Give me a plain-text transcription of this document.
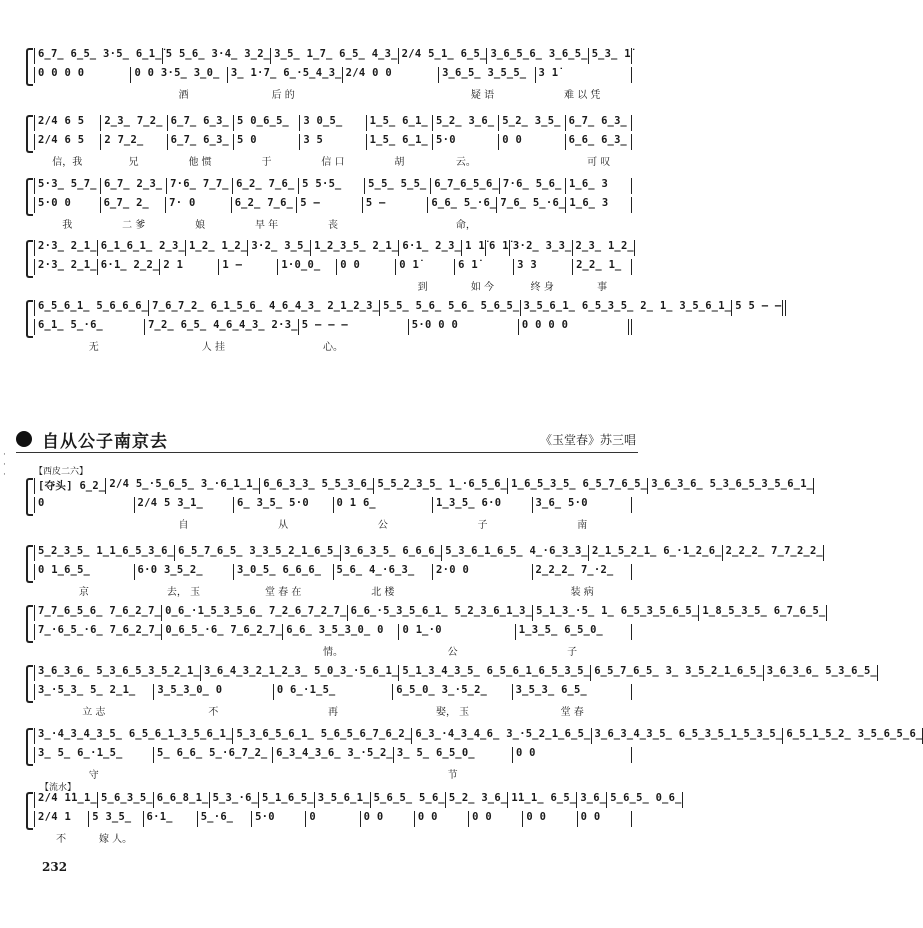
自从公子南京去	《玉堂春》苏三唱
·
·
·	【西皮二六】
【流水】
232
6̲7̲ 6̲5̲ 3·5̲ 6̲1̲̇ 5 5̲6̲ 3·4̲ 3̲2̲ 3̲5̲ 1̲7̲ 6̲5̲ 4̲3̲ 2/4 5̲1̲ 6̲5̲ 3̲6̲5̲6̲ 3̲6̲5̲ 5̲3̲ 1̇
0 0 0 0	0 0 3·5̲ 3̲0̲	3̲ 1·7̲ 6̲·5̲4̲3̲ 2/4 0 0	3̲6̲5̲ 3̲5̲5̲	3 1̇
酒	后 的	疑 语	难 以 凭
2/4 6 5	2̲3̲ 7̲2̲ 6̲7̲ 6̲3̲ 5 0̲6̲5̲	3 0̲5̲	1̲5̲ 6̲1̲ 5̲2̲ 3̲6̲ 5̲2̲ 3̲5̲ 6̲7̲ 6̲3̲
2/4 6 5	2 7̲2̲	6̲7̲ 6̲3̲ 5 0	3 5	1̲5̲ 6̲1̲ 5·0	0 0	6̲6̲ 6̲3̲
信，我	兄	他 惯	于	信 口	胡	云。	可 叹
5·3̲ 5̲7̲ 6̲7̲ 2̲3̲ 7·6̲ 7̲7̲ 6̲2̲ 7̲6̲ 5 5·5̲	5̲5̲ 5̲5̲ 6̲7̲6̲5̲6̲ 7·6̲ 5̲6̲ 1̲6̲ 3
5·0 0	6̲7̲ 2̲	7· 0	6̲2̲ 7̲6̲ 5 —	5 —	6̲6̲ 5̲·6̲ 7̲6̲ 5̲·6̲ 1̲6̲ 3
我	二 爹	娘	早 年	丧	命，
2·3̲ 2̲1̲ 6̲1̲6̲1̲ 2̲3̲ 1̲2̲ 1̲2̲ 3·2̲ 3̲5̲ 1̲2̲3̲5̲ 2̲1̲ 6·1̲ 2̲3̲ 1 1̇ 6 1̇ 3·2̲ 3̲3̲ 2̲3̲ 1̲2̲
2·3̲ 2̲1̲ 6·1̲ 2̲2̲ 2 1	1 —	1·0̲0̲	0 0	0 1̇	6 1̇	3 3	2̲2̲ 1̲
到	如 今	终 身	事
6̲5̲6̲1̲ 5̲6̲6̲6̲ 7̲6̲7̲2̲ 6̲1̲5̲6̲ 4̲6̲4̲3̲ 2̲1̲2̲3̲ 5̲5̲ 5̲6̲ 5̲6̲ 5̲6̲5̲ 3̲5̲6̲1̲ 6̲5̲3̲5̲ 2̲ 1̲ 3̲5̲6̲1̲ 5 5 — —
6̲1̲ 5̲·6̲	7̲2̲ 6̲5̲ 4̲6̲4̲3̲ 2·3̲ 5 — — —	5·0 0 0	0 0 0 0
无	人 挂	心。
[夺头] 6̲2̲ 2/4 5̲·5̲6̲5̲ 3̲·6̲1̲1̲ 6̲6̲3̲3̲ 5̲5̲3̲6̲ 5̲5̲2̲3̲5̲ 1̲·6̲5̲6̲ 1̲6̲5̲3̲5̲ 6̲5̲7̲6̲5̲ 3̲6̲3̲6̲ 5̲3̲6̲5̲3̲5̲6̲1̲
0	2/4 5 3̲1̲	6̲ 3̲5̲ 5·0	0 1 6̲	1̲3̲5̲ 6·0	3̲6̲ 5·0
自	从	公	子	南
5̲2̲3̲5̲ 1̲1̲6̲5̲3̲6̲ 6̲5̲7̲6̲5̲ 3̲3̲5̲2̲1̲6̲5̲ 3̲6̲3̲5̲ 6̲6̲6̲ 5̲3̲6̲1̲6̲5̲ 4̲·6̲3̲3̲ 2̲1̲5̲2̲1̲ 6̲·1̲2̲6̲ 2̲2̲2̲ 7̲7̲2̲2̲
0 1̲6̲5̲	6·0 3̲5̲2̲	3̲0̲5̲ 6̲6̲6̲	5̲6̲ 4̲·6̲3̲	2·0 0	2̲2̲2̲ 7̲·2̲
京	去， 玉	堂 春 在	北 楼	装 病
7̲7̲6̲5̲6̲ 7̲6̲2̲7̲ 0̲6̲·1̲5̲3̲5̲6̲ 7̲2̲6̲7̲2̲7̲ 6̲6̲·5̲3̲5̲6̲1̲ 5̲2̲3̲6̲1̲3̲ 5̲1̲3̲·5̲ 1̲ 6̲5̲3̲5̲6̲5̲ 1̲8̲5̲3̲5̲ 6̲7̲6̲5̲
7̲·6̲5̲·6̲ 7̲6̲2̲7̲ 0̲6̲5̲·6̲ 7̲6̲2̲7̲ 6̲6̲ 3̲5̲3̲0̲ 0	0 1̲·0	1̲3̲5̲ 6̲5̲0̲
情。	公	子
3̲6̲3̲6̲ 5̲3̲6̲5̲3̲5̲2̲1̲ 3̲6̲4̲3̲2̲1̲2̲3̲ 5̲0̲3̲·5̲6̲1̲ 5̲1̲3̲4̲3̲5̲ 6̲5̲6̲1̲6̲5̲3̲5̲ 6̲5̲7̲6̲5̲ 3̲ 3̲5̲2̲1̲6̲5̲ 3̲6̲3̲6̲ 5̲3̲6̲5̲
3̲·5̲3̲ 5̲ 2̲1̲	3̲5̲3̲0̲ 0	0 6̲·1̲5̲	6̲5̲0̲ 3̲·5̲2̲	3̲5̲3̲ 6̲5̲
立 志	不	再	娶， 玉	堂 春
3̲·4̲3̲4̲3̲5̲ 6̲5̲6̲1̲3̲5̲6̲1̲ 5̲3̲6̲5̲6̲1̲ 5̲6̲5̲6̲7̲6̲2̲ 6̲3̲·4̲3̲4̲6̲ 3̲·5̲2̲1̲6̲5̲ 3̲6̲3̲4̲3̲5̲ 6̲5̲3̲5̲1̲5̲3̲5̲ 6̲5̲1̲5̲2̲ 3̲5̲6̲5̲6̲
3̲ 5̲ 6̲·1̲5̲	5̲ 6̲6̲ 5̲·6̲7̲2̲ 6̲3̲4̲3̲6̲ 3̲·5̲2̲ 3̲ 5̲ 6̲5̲0̲	0 0
守	节
2/4 1̇1̲1̲ 5̲6̲3̲5̲ 6̲6̲8̲1̲ 5̲3̲·6̲ 5̲1̲6̲5̲ 3̲5̲6̲1̲ 5̲6̲5̲ 5̲6̲ 5̲2̲ 3̲6̲ 1̇1̲1̲ 6̲5̲ 3̲6̲ 5̲6̲5̲ 0̲6̲
2/4 1	5 3̲5̲	6·1̲	5̲·6̲	5·0	0	0 0	0 0	0 0	0 0	0 0
不	嫁 人。
